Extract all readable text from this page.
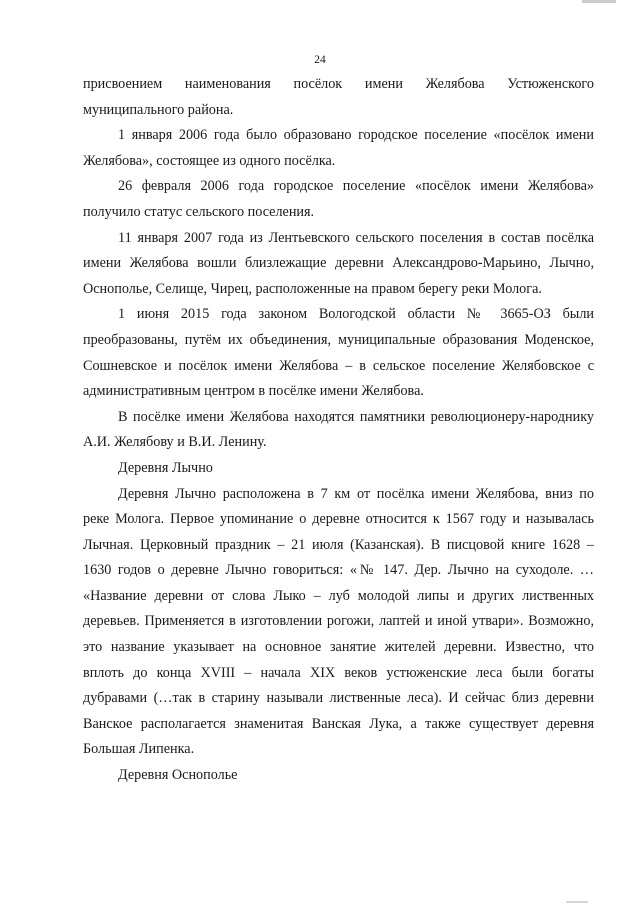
24
присвоением наименования посёлок имени Желябова Устюженского
муниципального района.
1 января 2006 года было образовано городское поселение «посёлок имени
Желябова», состоящее из одного посёлка.
26 февраля 2006 года городское поселение «посёлок имени Желябова»
получило статус сельского поселения.
11 января 2007 года из Лентьевского сельского поселения в состав посёлка
имени Желябова вошли близлежащие деревни Александрово-Марьино, Лычно,
Оснополье, Селище, Чирец, расположенные на правом берегу реки Молога.
1 июня 2015 года законом Вологодской области № 3665-ОЗ были
преобразованы, путём их объединения, муниципальные образования Моденское,
Сошневское и посёлок имени Желябова – в сельское поселение Желябовское с
административным центром в посёлке имени Желябова.
В посёлке имени Желябова находятся памятники революционеру-народнику
А.И. Желябову и В.И. Ленину.
Деревня Лычно
Деревня Лычно расположена в 7 км от посёлка имени Желябова, вниз по
реке Молога. Первое упоминание о деревне относится к 1567 году и называлась
Лычная. Церковный праздник – 21 июля (Казанская). В писцовой книге 1628 –
1630 годов о деревне Лычно говориться: «№ 147. Дер. Лычно на суходоле. …
«Название деревни от слова Лыко – луб молодой липы и других лиственных
деревьев. Применяется в изготовлении рогожи, лаптей и иной утвари». Возможно,
это название указывает на основное занятие жителей деревни. Известно, что
вплоть до конца XVIII – начала XIX веков устюженские леса были богаты
дубравами (…так в старину называли лиственные леса). И сейчас близ деревни
Ванское располагается знаменитая Ванская Лука, а также существует деревня
Большая Липенка.
Деревня Оснополье
